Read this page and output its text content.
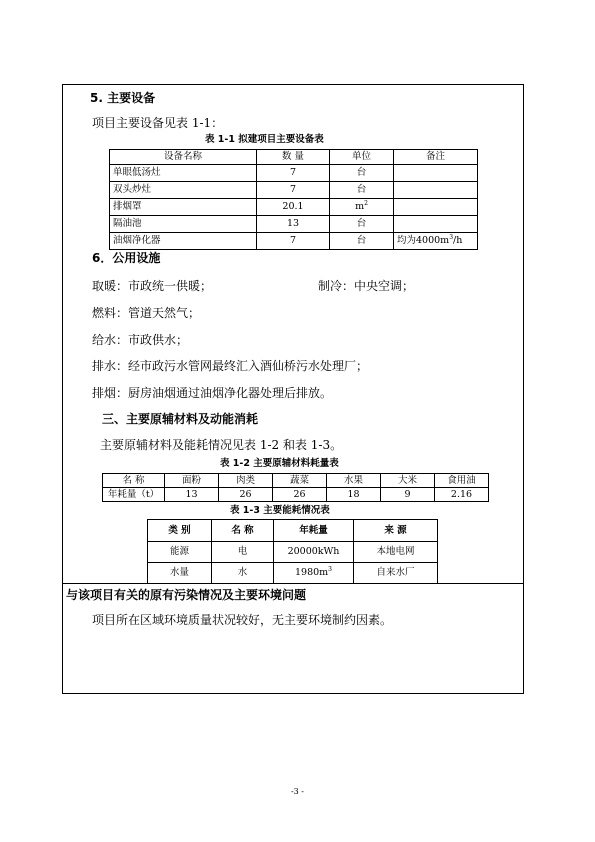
5. 主要设备
项目主要设备见表 1-1：
表 1-1 拟建项目主要设备表
设备名称	数 量	单位	备注
单眼低汤灶	7	台	
双头炒灶	7	台	
排烟罩	20.1	$m^2$	
隔油池	13	台	
油烟净化器	7	台	均为$4000m^3/h$
6．公用设施
取暖：市政统一供暖；	制冷：中央空调；
燃料：管道天然气；
给水：市政供水；
排水：经市政污水管网最终汇入酒仙桥污水处理厂；
排烟：厨房油烟通过油烟净化器处理后排放。
三、主要原辅材料及动能消耗
主要原辅材料及能耗情况见表 1-2 和表 1-3。
表 1-2 主要原辅材料耗量表
名 称	面粉	肉类	蔬菜	水果	大米	食用油
年耗量（t）	13	26	26	18	9	2.16
表 1-3 主要能耗情况表
类 别	名 称	年耗量	来 源
能源	电	20000kWh	本地电网
水量	水	$1980m^3$	自来水厂
与该项目有关的原有污染情况及主要环境问题
项目所在区域环境质量状况较好，无主要环境制约因素。
-3 -
